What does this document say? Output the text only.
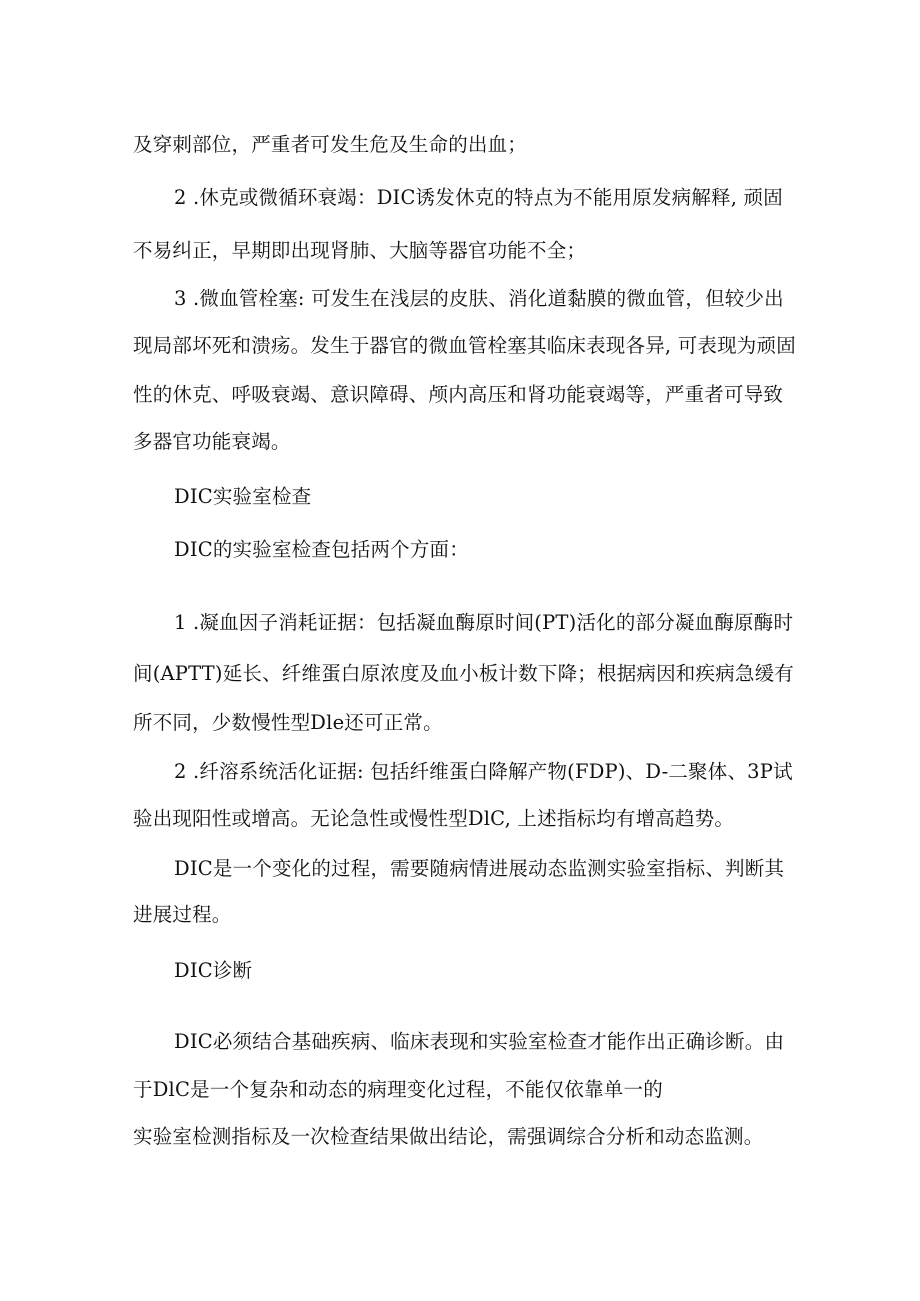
及穿刺部位，严重者可发生危及生命的出血；
2 .休克或微循环衰竭：DIC诱发休克的特点为不能用原发病解释, 顽固
不易纠正，早期即出现肾肺、大脑等器官功能不全；
3 .微血管栓塞: 可发生在浅层的皮肤、消化道黏膜的微血管，但较少出
现局部坏死和溃疡。发生于器官的微血管栓塞其临床表现各异, 可表现为顽固
性的休克、呼吸衰竭、意识障碍、颅内高压和肾功能衰竭等，严重者可导致
多器官功能衰竭。
DIC实验室检查
DIC的实验室检查包括两个方面：
1 .凝血因子消耗证据：包括凝血酶原时间(PT)活化的部分凝血酶原酶时
间(APTT)延长、纤维蛋白原浓度及血小板计数下降；根据病因和疾病急缓有
所不同，少数慢性型Dle还可正常。
2 .纤溶系统活化证据: 包括纤维蛋白降解产物(FDP)、D-二聚体、3P试
验出现阳性或增高。无论急性或慢性型DlC, 上述指标均有增高趋势。
DIC是一个变化的过程，需要随病情进展动态监测实验室指标、判断其
进展过程。
DIC诊断
DIC必须结合基础疾病、临床表现和实验室检查才能作出正确诊断。由
于DlC是一个复杂和动态的病理变化过程，不能仅依靠单一的
实验室检测指标及一次检查结果做出结论，需强调综合分析和动态监测。
